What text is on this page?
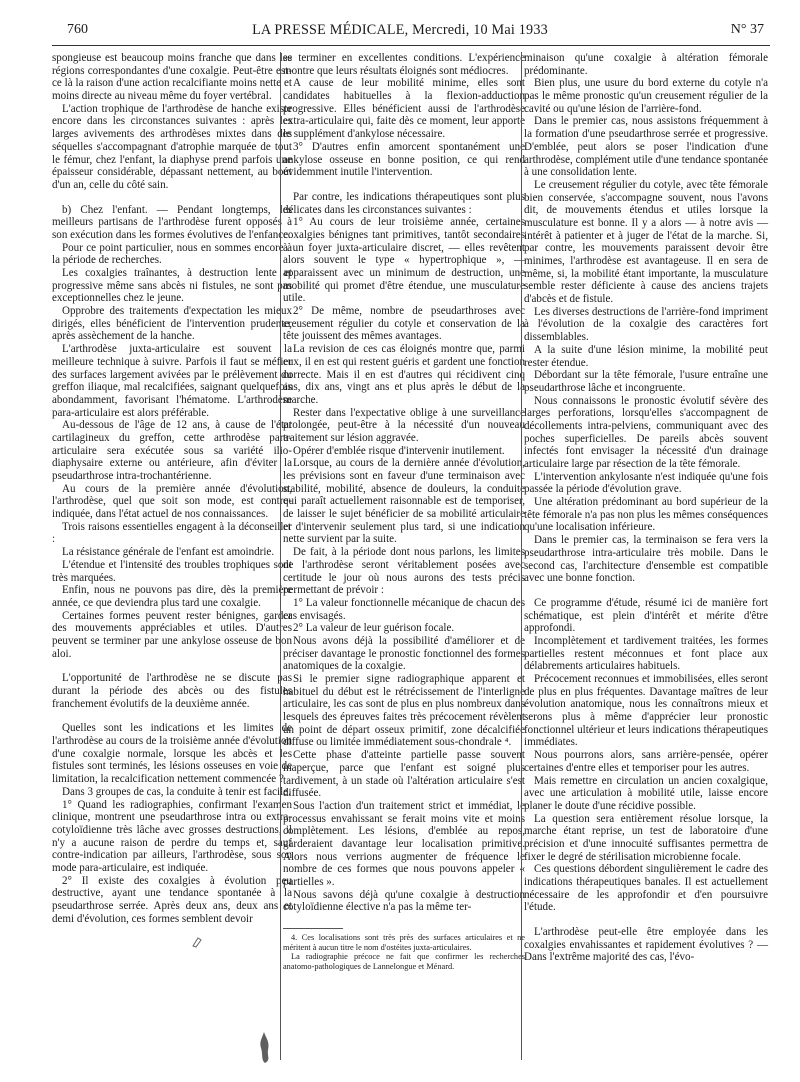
760	LA PRESSE MÉDICALE, Mercredi, 10 Mai 1933	N° 37

spongieuse est beaucoup moins franche que dans les régions correspondantes d'une coxalgie. Peut-être est-ce là la raison d'une action recalcifiante moins nette et moins directe au niveau même du foyer vertébral.

L'action trophique de l'arthrodèse de hanche existe encore dans les circonstances suivantes : après les larges avivements des arthrodèses mixtes dans des séquelles s'accompagnant d'atrophie marquée de tout le fémur, chez l'enfant, la diaphyse prend parfois une épaisseur considérable, dépassant nettement, au bout d'un an, celle du côté sain.

b) Chez l'enfant. — Pendant longtemps, les meilleurs partisans de l'arthrodèse furent opposés à son exécution dans les formes évolutives de l'enfance.

Pour ce point particulier, nous en sommes encore à la période de recherches.

Les coxalgies traînantes, à destruction lente et progressive même sans abcès ni fistules, ne sont pas exceptionnelles chez le jeune.

Opprobre des traitements d'expectation les mieux dirigés, elles bénéficient de l'intervention prudente, après assèchement de la hanche.

L'arthrodèse juxta-articulaire est souvent la meilleure technique à suivre. Parfois il faut se méfier des surfaces largement avivées par le prélèvement du greffon iliaque, mal recalcifiées, saignant quelquefois abondamment, favorisant l'hématome. L'arthrodèse para-articulaire est alors préférable.

Au-dessous de l'âge de 12 ans, à cause de l'état cartilagineux du greffon, cette arthrodèse para-articulaire sera exécutée sous sa variété ilio-diaphysaire externe ou antérieure, afin d'éviter la pseudarthrose intra-trochantérienne.

Au cours de la première année d'évolution, l'arthrodèse, quel que soit son mode, est contre-indiquée, dans l'état actuel de nos connaissances.

Trois raisons essentielles engagent à la déconseiller :

La résistance générale de l'enfant est amoindrie.

L'étendue et l'intensité des troubles trophiques sont très marquées.

Enfin, nous ne pouvons pas dire, dès la première année, ce que deviendra plus tard une coxalgie.

Certaines formes peuvent rester bénignes, garder des mouvements appréciables et utiles. D'autres peuvent se terminer par une ankylose osseuse de bon aloi.

L'opportunité de l'arthrodèse ne se discute pas durant la période des abcès ou des fistules franchement évolutifs de la deuxième année.

Quelles sont les indications et les limites de l'arthrodèse au cours de la troisième année d'évolution d'une coxalgie normale, lorsque les abcès et les fistules sont terminés, les lésions osseuses en voie de limitation, la recalcification nettement commencée ?

Dans 3 groupes de cas, la conduite à tenir est facile.

1° Quand les radiographies, confirmant l'examen clinique, montrent une pseudarthrose intra ou extra-cotyloïdienne très lâche avec grosses destructions, il n'y a aucune raison de perdre du temps et, sauf contre-indication par ailleurs, l'arthrodèse, sous son mode para-articulaire, est indiquée.

2° Il existe des coxalgies à évolution peu destructive, ayant une tendance spontanée à la pseudarthrose serrée. Après deux ans, deux ans et demi d'évolution, ces formes semblent devoir

se terminer en excellentes conditions. L'expérience montre que leurs résultats éloignés sont médiocres.

A cause de leur mobilité minime, elles sont candidates habituelles à la flexion-adduction progressive. Elles bénéficient aussi de l'arthrodèse extra-articulaire qui, faite dès ce moment, leur apporte le supplément d'ankylose nécessaire.

3° D'autres enfin amorcent spontanément une ankylose osseuse en bonne position, ce qui rend évidemment inutile l'intervention.

Par contre, les indications thérapeutiques sont plus délicates dans les circonstances suivantes :

1° Au cours de leur troisième année, certaines coxalgies bénignes tant primitives, tantôt secondaires à un foyer juxta-articulaire discret, — elles revêtent alors souvent le type « hypertrophique », — apparaissent avec un minimum de destruction, une mobilité qui promet d'être étendue, une musculature utile.

2° De même, nombre de pseudarthroses avec creusement régulier du cotyle et conservation de la tête jouissent des mêmes avantages.

La revision de ces cas éloignés montre que, parmi eux, il en est qui restent guéris et gardent une fonction correcte. Mais il en est d'autres qui récidivent cinq ans, dix ans, vingt ans et plus après le début de la marche.

Rester dans l'expectative oblige à une surveillance prolongée, peut-être à la nécessité d'un nouveau traitement sur lésion aggravée.

Opérer d'emblée risque d'intervenir inutilement.

Lorsque, au cours de la dernière année d'évolution, les prévisions sont en faveur d'une terminaison avec stabilité, mobilité, absence de douleurs, la conduite qui paraît actuellement raisonnable est de temporiser, de laisser le sujet bénéficier de sa mobilité articulaire et d'intervenir seulement plus tard, si une indication nette survient par la suite.

De fait, à la période dont nous parlons, les limites de l'arthrodèse seront véritablement posées avec certitude le jour où nous aurons des tests précis permettant de prévoir :

1° La valeur fonctionnelle mécanique de chacun des cas envisagés.

2° La valeur de leur guérison focale.

Nous avons déjà la possibilité d'améliorer et de préciser davantage le pronostic fonctionnel des formes anatomiques de la coxalgie.

Si le premier signe radiographique apparent et habituel du début est le rétrécissement de l'interligne articulaire, les cas sont de plus en plus nombreux dans lesquels des épreuves faites très précocement révèlent un point de départ osseux primitif, zone décalcifiée diffuse ou limitée immédiatement sous-chondrale ⁴.

Cette phase d'atteinte partielle passe souvent inaperçue, parce que l'enfant est soigné plus tardivement, à un stade où l'altération articulaire s'est diffusée.

Sous l'action d'un traitement strict et immédiat, le processus envahissant se ferait moins vite et moins complètement. Les lésions, d'emblée au repos, garderaient davantage leur localisation primitive. Alors nous verrions augmenter de fréquence le nombre de ces formes que nous pouvons appeler « partielles ».

Nous savons déjà qu'une coxalgie à destruction cotyloïdienne élective n'a pas la même ter-

4. Ces localisations sont très près des surfaces articulaires et ne méritent à aucun titre le nom d'ostéites juxta-articulaires.

La radiographie précoce ne fait que confirmer les recherches anatomo-pathologiques de Lannelongue et Ménard.

minaison qu'une coxalgie à altération fémorale prédominante.

Bien plus, une usure du bord externe du cotyle n'a pas le même pronostic qu'un creusement régulier de la cavité ou qu'une lésion de l'arrière-fond.

Dans le premier cas, nous assistons fréquemment à la formation d'une pseudarthrose serrée et progressive. D'emblée, peut alors se poser l'indication d'une arthrodèse, complément utile d'une tendance spontanée à une consolidation lente.

Le creusement régulier du cotyle, avec tête fémorale bien conservée, s'accompagne souvent, nous l'avons dit, de mouvements étendus et utiles lorsque la musculature est bonne. Il y a alors — à notre avis — intérêt à patienter et à juger de l'état de la marche. Si, par contre, les mouvements paraissent devoir être minimes, l'arthrodèse est avantageuse. Il en sera de même, si, la mobilité étant importante, la musculature semble rester déficiente à cause des anciens trajets d'abcès et de fistule.

Les diverses destructions de l'arrière-fond impriment à l'évolution de la coxalgie des caractères fort dissemblables.

A la suite d'une lésion minime, la mobilité peut rester étendue.

Débordant sur la tête fémorale, l'usure entraîne une pseudarthrose lâche et incongruente.

Nous connaissons le pronostic évolutif sévère des larges perforations, lorsqu'elles s'accompagnent de décollements intra-pelviens, communiquant avec des poches superficielles. De pareils abcès souvent infectés font envisager la nécessité d'un drainage articulaire large par résection de la tête fémorale.

L'intervention ankylosante n'est indiquée qu'une fois passée la période d'évolution grave.

Une altération prédominant au bord supérieur de la tête fémorale n'a pas non plus les mêmes conséquences qu'une localisation inférieure.

Dans le premier cas, la terminaison se fera vers la pseudarthrose intra-articulaire très mobile. Dans le second cas, l'architecture d'ensemble est compatible avec une bonne fonction.

Ce programme d'étude, résumé ici de manière fort schématique, est plein d'intérêt et mérite d'être approfondi.

Incomplètement et tardivement traitées, les formes partielles restent méconnues et font place aux délabrements articulaires habituels.

Précocement reconnues et immobilisées, elles seront de plus en plus fréquentes. Davantage maîtres de leur évolution anatomique, nous les connaîtrons mieux et serons plus à même d'apprécier leur pronostic fonctionnel ultérieur et leurs indications thérapeutiques immédiates.

Nous pourrons alors, sans arrière-pensée, opérer certaines d'entre elles et temporiser pour les autres.

Mais remettre en circulation un ancien coxalgique, avec une articulation à mobilité utile, laisse encore planer le doute d'une récidive possible.

La question sera entièrement résolue lorsque, la marche étant reprise, un test de laboratoire d'une précision et d'une innocuité suffisantes permettra de fixer le degré de stérilisation microbienne focale.

Ces questions débordent singulièrement le cadre des indications thérapeutiques banales. Il est actuellement nécessaire de les approfondir et d'en poursuivre l'étude.

L'arthrodèse peut-elle être employée dans les coxalgies envahissantes et rapidement évolutives ? — Dans l'extrême majorité des cas, l'évo-
